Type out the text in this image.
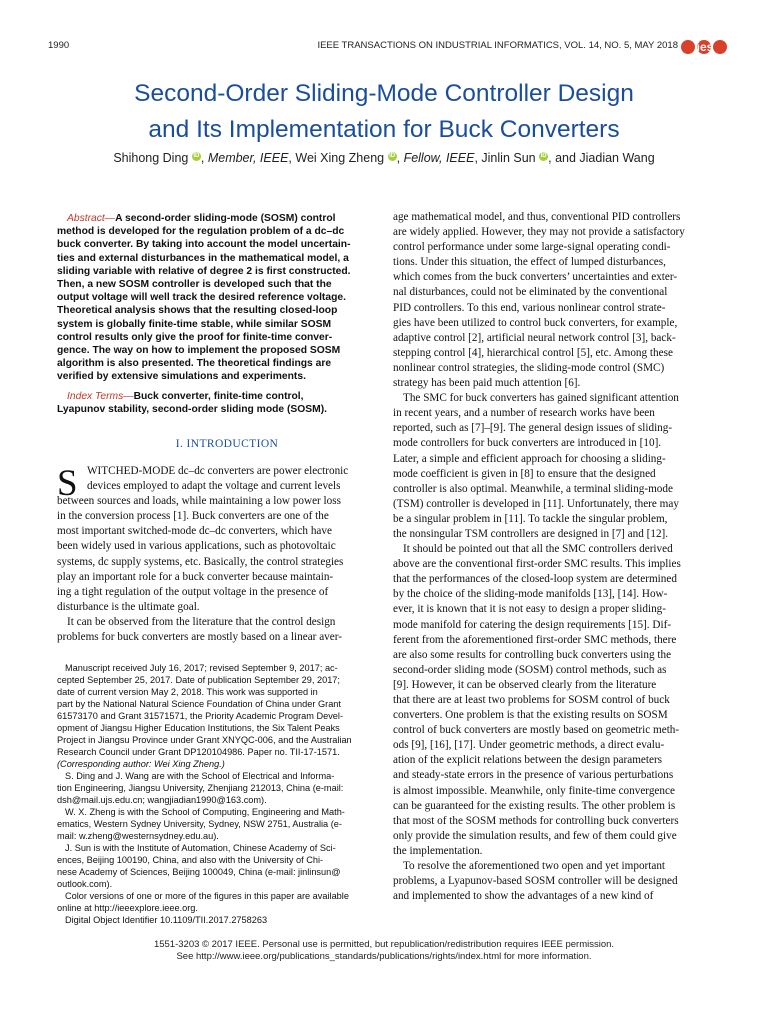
1990	IEEE TRANSACTIONS ON INDUSTRIAL INFORMATICS, VOL. 14, NO. 5, MAY 2018 ies
Second-Order Sliding-Mode Controller Design
and Its Implementation for Buck Converters
Shihong Ding iD , Member, IEEE, Wei Xing Zheng iD , Fellow, IEEE, Jinlin Sun iD , and Jiadian Wang
Abstract—A second-order sliding-mode (SOSM) control
method is developed for the regulation problem of a dc–dc
buck converter. By taking into account the model uncertain-
ties and external disturbances in the mathematical model, a
sliding variable with relative of degree 2 is first constructed.
Then, a new SOSM controller is developed such that the
output voltage will well track the desired reference voltage.
Theoretical analysis shows that the resulting closed-loop
system is globally finite-time stable, while similar SOSM
control results only give the proof for finite-time conver-
gence. The way on how to implement the proposed SOSM
algorithm is also presented. The theoretical findings are
verified by extensive simulations and experiments.
Index Terms—Buck converter, finite-time control,
Lyapunov stability, second-order sliding mode (SOSM).
I. INTRODUCTION
S WITCHED-MODE dc–dc converters are power electronic
devices employed to adapt the voltage and current levels
between sources and loads, while maintaining a low power loss
in the conversion process [1]. Buck converters are one of the
most important switched-mode dc–dc converters, which have
been widely used in various applications, such as photovoltaic
systems, dc supply systems, etc. Basically, the control strategies
play an important role for a buck converter because maintain-
ing a tight regulation of the output voltage in the presence of
disturbance is the ultimate goal.
It can be observed from the literature that the control design
problems for buck converters are mostly based on a linear aver-
Manuscript received July 16, 2017; revised September 9, 2017; ac-
cepted September 25, 2017. Date of publication September 29, 2017;
date of current version May 2, 2018. This work was supported in
part by the National Natural Science Foundation of China under Grant
61573170 and Grant 31571571, the Priority Academic Program Devel-
opment of Jiangsu Higher Education Institutions, the Six Talent Peaks
Project in Jiangsu Province under Grant XNYQC-006, and the Australian
Research Council under Grant DP120104986. Paper no. TII-17-1571.
(Corresponding author: Wei Xing Zheng.)
S. Ding and J. Wang are with the School of Electrical and Informa-
tion Engineering, Jiangsu University, Zhenjiang 212013, China (e-mail:
dsh@mail.ujs.edu.cn; wangjiadian1990@163.com).
W. X. Zheng is with the School of Computing, Engineering and Math-
ematics, Western Sydney University, Sydney, NSW 2751, Australia (e-
mail: w.zheng@westernsydney.edu.au).
J. Sun is with the Institute of Automation, Chinese Academy of Sci-
ences, Beijing 100190, China, and also with the University of Chi-
nese Academy of Sciences, Beijing 100049, China (e-mail: jinlinsun@
outlook.com).
Color versions of one or more of the figures in this paper are available
online at http://ieeexplore.ieee.org.
Digital Object Identifier 10.1109/TII.2017.2758263
age mathematical model, and thus, conventional PID controllers
are widely applied. However, they may not provide a satisfactory
control performance under some large-signal operating condi-
tions. Under this situation, the effect of lumped disturbances,
which comes from the buck converters’ uncertainties and exter-
nal disturbances, could not be eliminated by the conventional
PID controllers. To this end, various nonlinear control strate-
gies have been utilized to control buck converters, for example,
adaptive control [2], artificial neural network control [3], back-
stepping control [4], hierarchical control [5], etc. Among these
nonlinear control strategies, the sliding-mode control (SMC)
strategy has been paid much attention [6].
The SMC for buck converters has gained significant attention
in recent years, and a number of research works have been
reported, such as [7]–[9]. The general design issues of sliding-
mode controllers for buck converters are introduced in [10].
Later, a simple and efficient approach for choosing a sliding-
mode coefficient is given in [8] to ensure that the designed
controller is also optimal. Meanwhile, a terminal sliding-mode
(TSM) controller is developed in [11]. Unfortunately, there may
be a singular problem in [11]. To tackle the singular problem,
the nonsingular TSM controllers are designed in [7] and [12].
It should be pointed out that all the SMC controllers derived
above are the conventional first-order SMC results. This implies
that the performances of the closed-loop system are determined
by the choice of the sliding-mode manifolds [13], [14]. How-
ever, it is known that it is not easy to design a proper sliding-
mode manifold for catering the design requirements [15]. Dif-
ferent from the aforementioned first-order SMC methods, there
are also some results for controlling buck converters using the
second-order sliding mode (SOSM) control methods, such as
[9]. However, it can be observed clearly from the literature
that there are at least two problems for SOSM control of buck
converters. One problem is that the existing results on SOSM
control of buck converters are mostly based on geometric meth-
ods [9], [16], [17]. Under geometric methods, a direct evalu-
ation of the explicit relations between the design parameters
and steady-state errors in the presence of various perturbations
is almost impossible. Meanwhile, only finite-time convergence
can be guaranteed for the existing results. The other problem is
that most of the SOSM methods for controlling buck converters
only provide the simulation results, and few of them could give
the implementation.
To resolve the aforementioned two open and yet important
problems, a Lyapunov-based SOSM controller will be designed
and implemented to show the advantages of a new kind of
1551-3203 © 2017 IEEE. Personal use is permitted, but republication/redistribution requires IEEE permission.
See http://www.ieee.org/publications_standards/publications/rights/index.html for more information.
